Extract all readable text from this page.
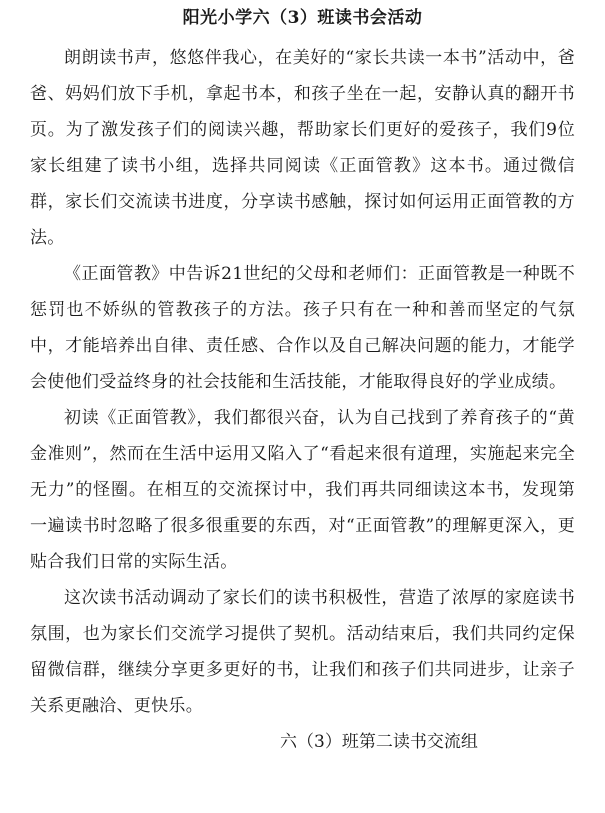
阳光小学六（3）班读书会活动

朗朗读书声，悠悠伴我心，在美好的“家长共读一本书”活动中，爸爸、妈妈们放下手机，拿起书本，和孩子坐在一起，安静认真的翻开书页。为了激发孩子们的阅读兴趣，帮助家长们更好的爱孩子，我们9位家长组建了读书小组，选择共同阅读《正面管教》这本书。通过微信群，家长们交流读书进度，分享读书感触，探讨如何运用正面管教的方法。

《正面管教》中告诉21世纪的父母和老师们：正面管教是一种既不惩罚也不娇纵的管教孩子的方法。孩子只有在一种和善而坚定的气氛中，才能培养出自律、责任感、合作以及自己解决问题的能力，才能学会使他们受益终身的社会技能和生活技能，才能取得良好的学业成绩。

初读《正面管教》，我们都很兴奋，认为自己找到了养育孩子的“黄金准则”，然而在生活中运用又陷入了“看起来很有道理，实施起来完全无力”的怪圈。在相互的交流探讨中，我们再共同细读这本书，发现第一遍读书时忽略了很多很重要的东西，对“正面管教”的理解更深入，更贴合我们日常的实际生活。

这次读书活动调动了家长们的读书积极性，营造了浓厚的家庭读书氛围，也为家长们交流学习提供了契机。活动结束后，我们共同约定保留微信群，继续分享更多更好的书，让我们和孩子们共同进步，让亲子关系更融洽、更快乐。

六（3）班第二读书交流组
